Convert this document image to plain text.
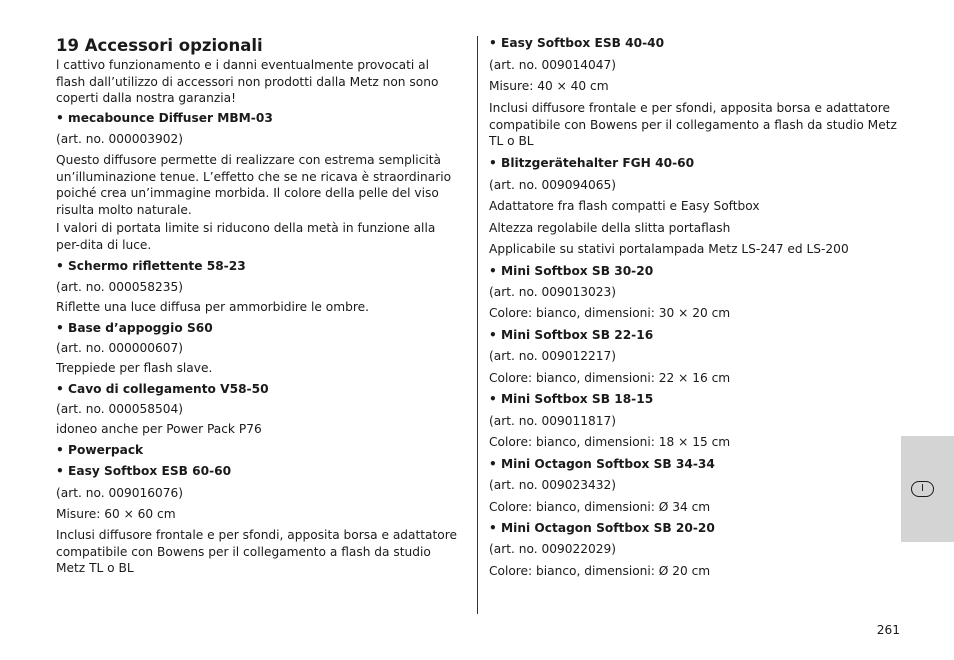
19 Accessori opzionali

l cattivo funzionamento e i danni eventualmente provocati al flash dall’utilizzo di accessori non prodotti dalla Metz non sono coperti dalla nostra garanzia!

• mecabounce Diffuser MBM-03

(art. no. 000003902)

Questo diffusore permette di realizzare con estrema semplicità un’illuminazione tenue. L’effetto che se ne ricava è straordinario poiché crea un’immagine morbida. Il colore della pelle del viso risulta molto naturale.

I valori di portata limite si riducono della metà in funzione alla per-dita di luce.

• Schermo riflettente 58-23

(art. no. 000058235)

Riflette una luce diffusa per ammorbidire le ombre.

• Base d’appoggio S60

(art. no. 000000607)

Treppiede per flash slave.

• Cavo di collegamento V58-50

(art. no. 000058504)

idoneo anche per Power Pack P76

• Powerpack

• Easy Softbox ESB 60-60

(art. no. 009016076)

Misure: 60 × 60 cm

Inclusi diffusore frontale e per sfondi, apposita borsa e adattatore compatibile con Bowens per il collegamento a flash da studio Metz TL o BL

• Easy Softbox ESB 40-40

(art. no. 009014047)

Misure: 40 × 40 cm

Inclusi diffusore frontale e per sfondi, apposita borsa e adattatore compatibile con Bowens per il collegamento a flash da studio Metz TL o BL

• Blitzgerätehalter FGH 40-60

(art. no. 009094065)

Adattatore fra flash compatti e Easy Softbox

Altezza regolabile della slitta portaflash

Applicabile su stativi portalampada Metz LS-247 ed LS-200

• Mini Softbox SB 30-20

(art. no. 009013023)

Colore: bianco, dimensioni: 30 × 20 cm

• Mini Softbox SB 22-16

(art. no. 009012217)

Colore: bianco, dimensioni: 22 × 16 cm

• Mini Softbox SB 18-15

(art. no. 009011817)

Colore: bianco, dimensioni: 18 × 15 cm

• Mini Octagon Softbox SB 34-34

(art. no. 009023432)

Colore: bianco, dimensioni: Ø 34 cm

• Mini Octagon Softbox SB 20-20

(art. no. 009022029)

Colore: bianco, dimensioni: Ø 20 cm

I
261
